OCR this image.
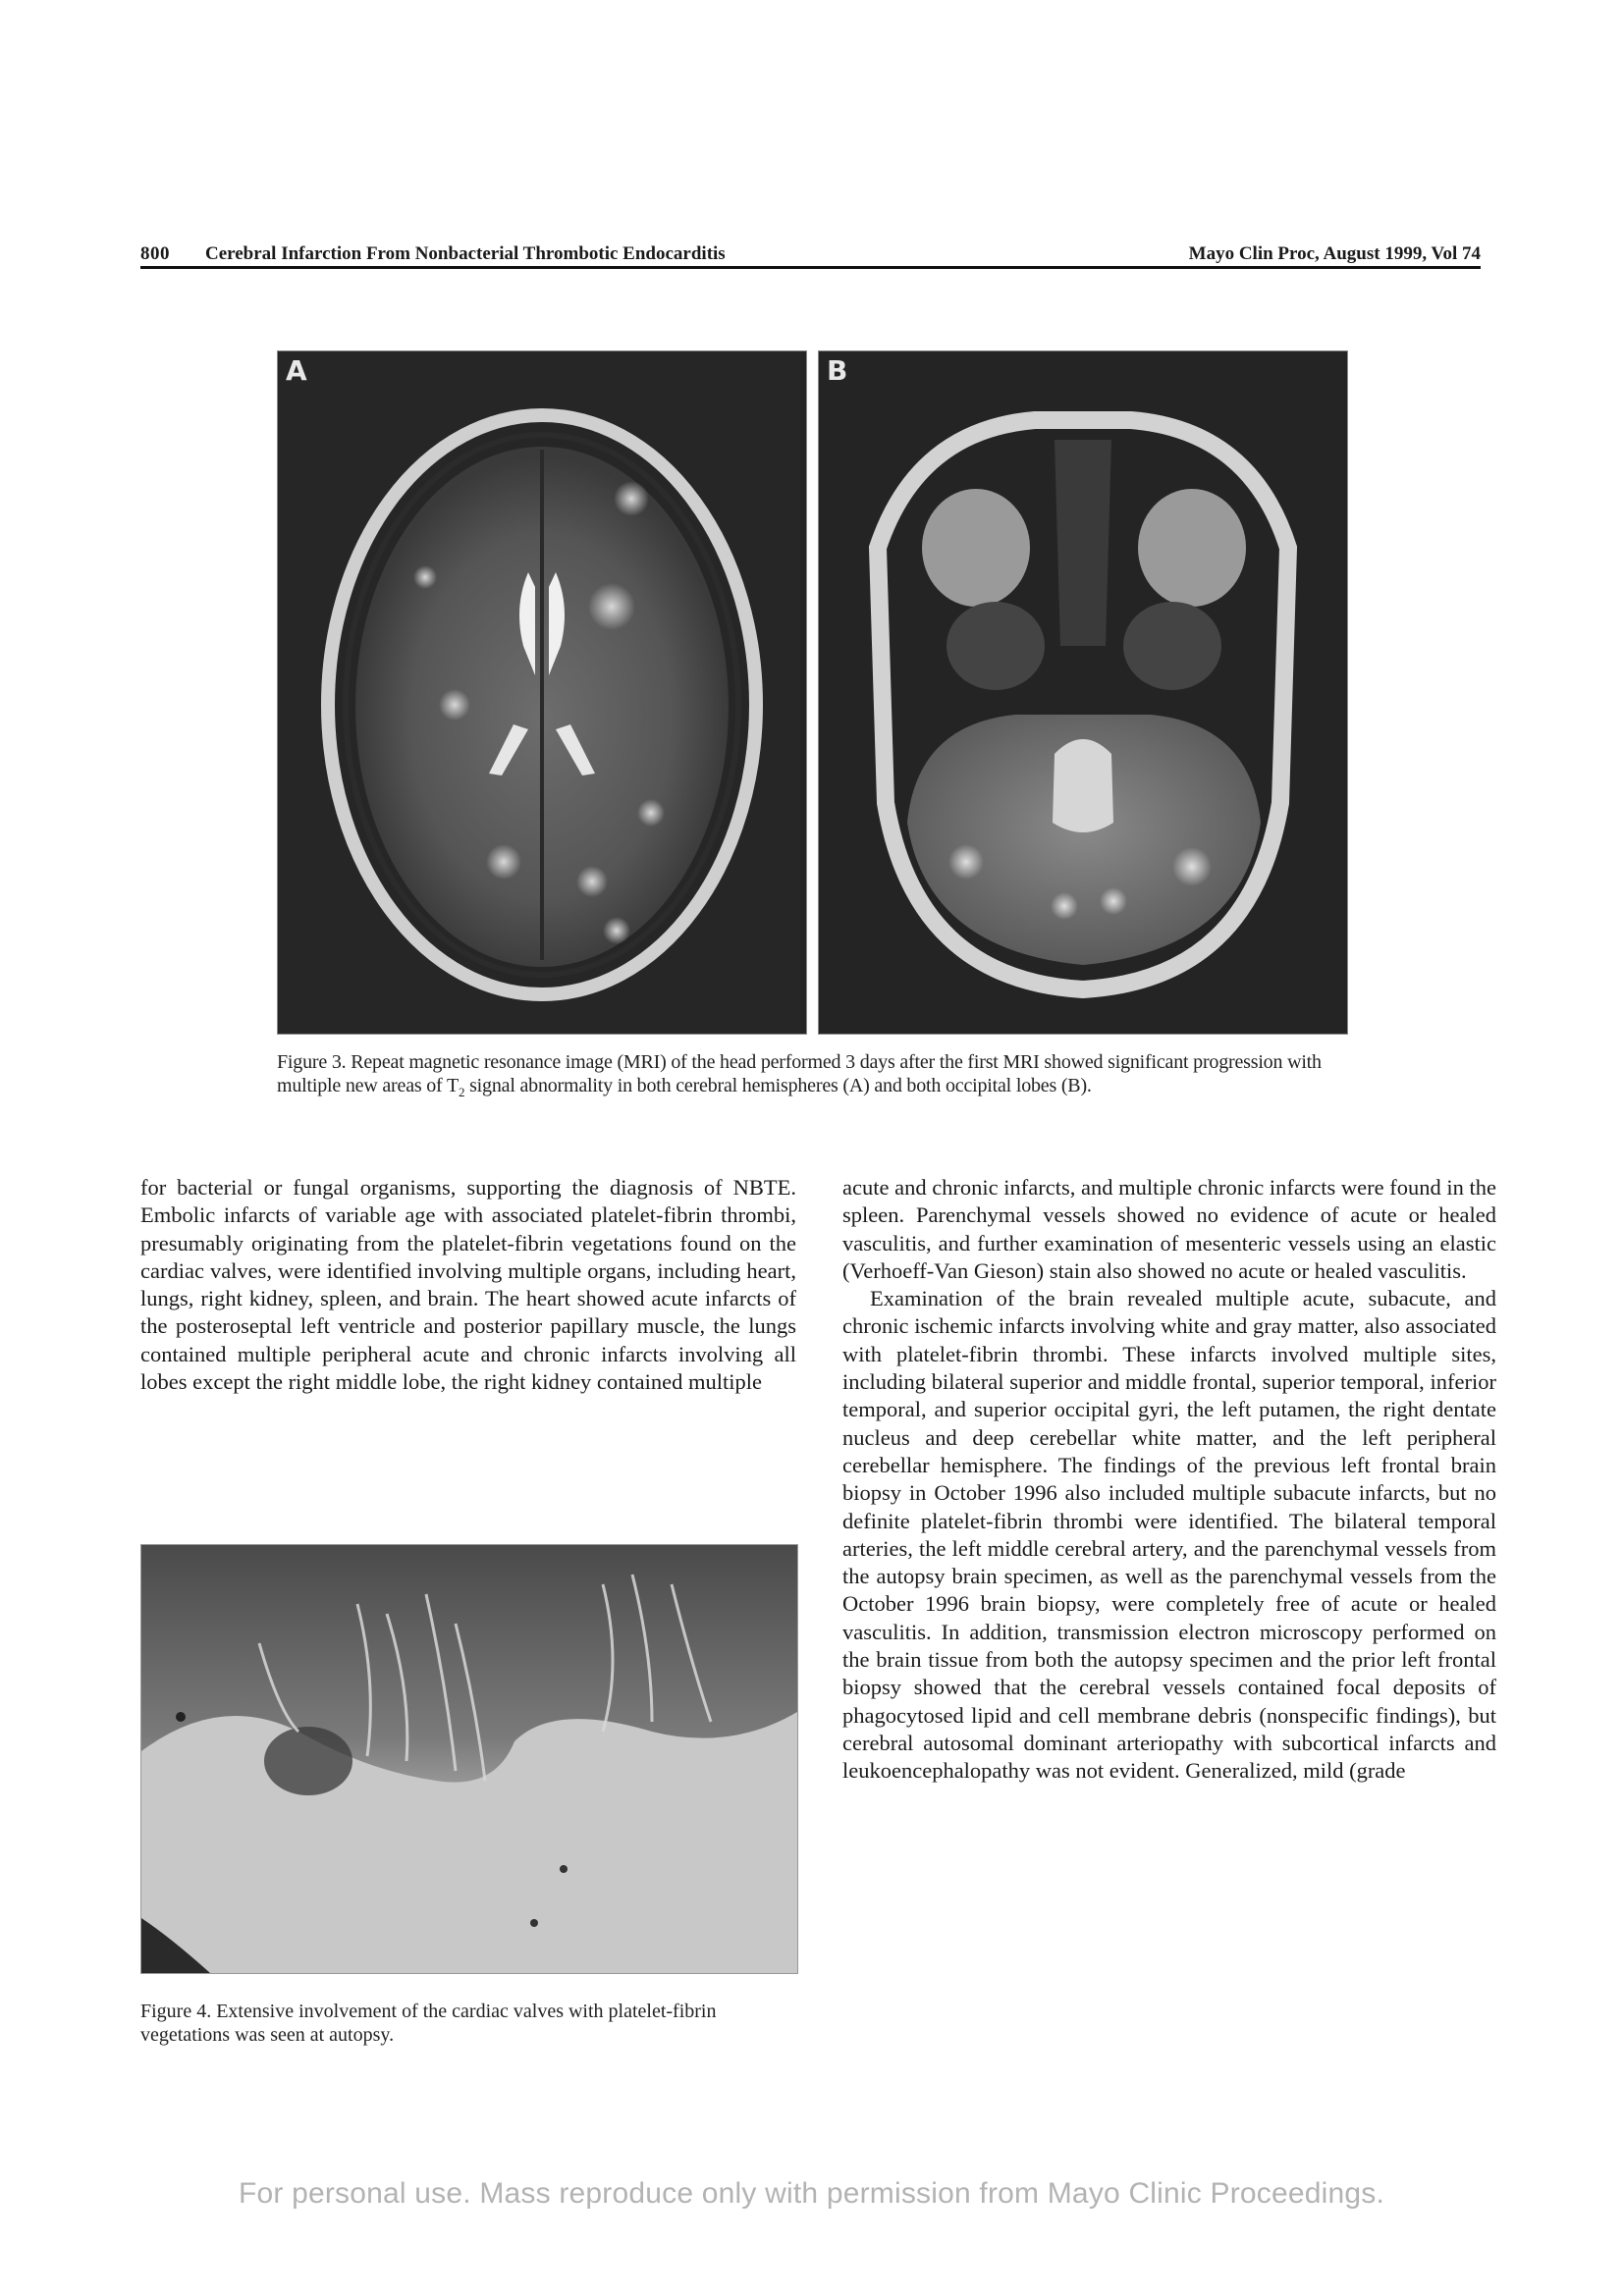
800 Cerebral Infarction From Nonbacterial Thrombotic Endocarditis	Mayo Clin Proc, August 1999, Vol 74
A	B
Figure 3. Repeat magnetic resonance image (MRI) of the head performed 3 days after the first MRI showed significant progression with multiple new areas of $T_2$ signal abnormality in both cerebral hemispheres (A) and both occipital lobes (B).

for bacterial or fungal organisms, supporting the diagnosis of NBTE. Embolic infarcts of variable age with associated platelet-fibrin thrombi, presumably originating from the platelet-fibrin vegetations found on the cardiac valves, were identified involving multiple organs, including heart, lungs, right kidney, spleen, and brain. The heart showed acute infarcts of the posteroseptal left ventricle and posterior papillary muscle, the lungs contained multiple peripheral acute and chronic infarcts involving all lobes except the right middle lobe, the right kidney contained multiple

Figure 4. Extensive involvement of the cardiac valves with platelet-fibrin vegetations was seen at autopsy.

acute and chronic infarcts, and multiple chronic infarcts were found in the spleen. Parenchymal vessels showed no evidence of acute or healed vasculitis, and further examination of mesenteric vessels using an elastic (Verhoeff-Van Gieson) stain also showed no acute or healed vasculitis.

Examination of the brain revealed multiple acute, subacute, and chronic ischemic infarcts involving white and gray matter, also associated with platelet-fibrin thrombi. These infarcts involved multiple sites, including bilateral superior and middle frontal, superior temporal, inferior temporal, and superior occipital gyri, the left putamen, the right dentate nucleus and deep cerebellar white matter, and the left peripheral cerebellar hemisphere. The findings of the previous left frontal brain biopsy in October 1996 also included multiple subacute infarcts, but no definite platelet-fibrin thrombi were identified. The bilateral temporal arteries, the left middle cerebral artery, and the parenchymal vessels from the autopsy brain specimen, as well as the parenchymal vessels from the October 1996 brain biopsy, were completely free of acute or healed vasculitis. In addition, transmission electron microscopy performed on the brain tissue from both the autopsy specimen and the prior left frontal biopsy showed that the cerebral vessels contained focal deposits of phagocytosed lipid and cell membrane debris (nonspecific findings), but cerebral autosomal dominant arteriopathy with subcortical infarcts and leukoencephalopathy was not evident. Generalized, mild (grade

For personal use. Mass reproduce only with permission from Mayo Clinic Proceedings.
